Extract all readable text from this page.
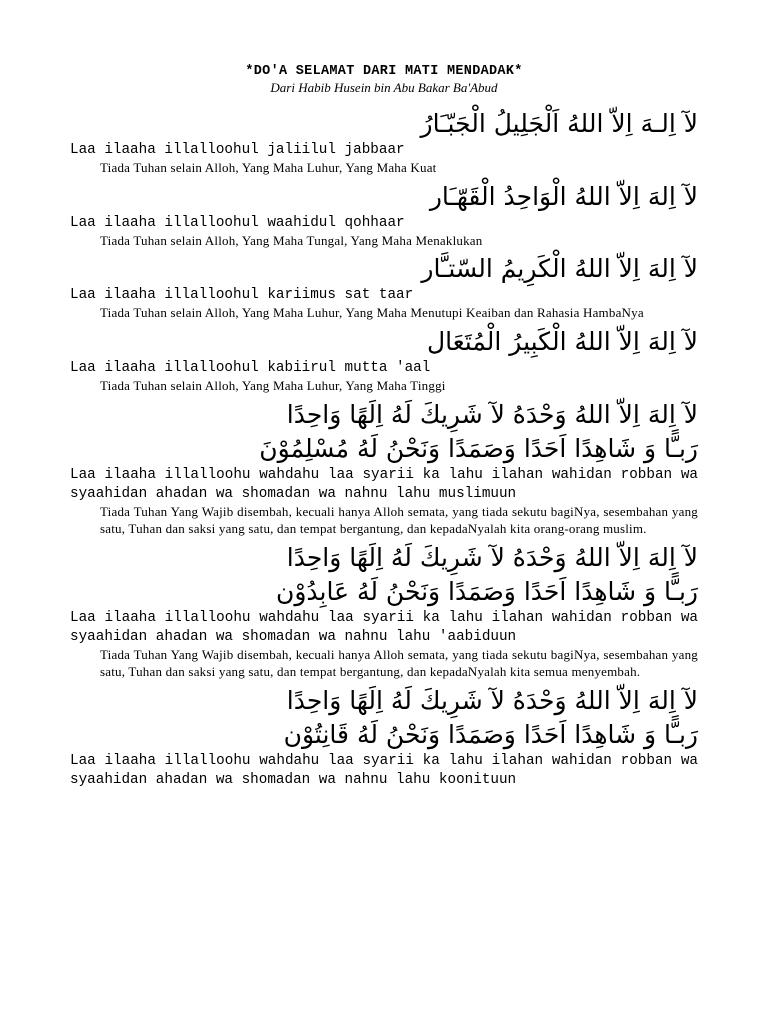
*DO'A SELAMAT DARI MATI MENDADAK*

Dari Habib Husein bin Abu Bakar Ba'Abud

لآ اِلـهَ اِلاّ اللهُ اَلْجَلِيلُ الْجَبّـَارُ

Laa ilaaha illalloohul jaliilul jabbaar

Tiada Tuhan selain Alloh, Yang Maha Luhur, Yang Maha Kuat

لآ اِلهَ اِلاّ اللهُ الْوَاحِدُ الْقَهّـَار

Laa ilaaha illalloohul waahidul qohhaar

Tiada Tuhan selain Alloh, Yang Maha Tungal, Yang Maha Menaklukan

لآ اِلهَ اِلاّ اللهُ الْكَرِيمُ السّتـَّار

Laa ilaaha illalloohul kariimus sat taar

Tiada Tuhan selain Alloh, Yang Maha Luhur, Yang Maha Menutupi Keaiban dan Rahasia HambaNya

لآ اِلهَ اِلاّ اللهُ الْكَبِيرُ الْمُتَعَال

Laa ilaaha illalloohul kabiirul mutta 'aal

Tiada Tuhan selain Alloh, Yang Maha Luhur, Yang Maha Tinggi

لآ اِلهَ اِلاّ اللهُ وَحْدَهُ لآ شَرِيكَ لَهُ اِلَهًا وَاحِدًا

رَبـًّا وَ شَاهِدًا اَحَدًا وَصَمَدًا وَنَحْنُ لَهُ مُسْلِمُوْنَ

Laa ilaaha illalloohu wahdahu laa syarii ka lahu ilahan wahidan robban wa syaahidan ahadan wa shomadan wa nahnu lahu muslimuun

Tiada Tuhan Yang Wajib disembah, kecuali hanya Alloh semata, yang tiada sekutu bagiNya, sesembahan yang satu, Tuhan dan saksi yang satu, dan tempat bergantung, dan kepadaNyalah kita orang-orang muslim.

لآ اِلهَ اِلاّ اللهُ وَحْدَهُ لآ شَرِيكَ لَهُ اِلَهًا وَاحِدًا

رَبـًّا وَ شَاهِدًا اَحَدًا وَصَمَدًا وَنَحْنُ لَهُ عَابِدُوْن

Laa ilaaha illalloohu wahdahu laa syarii ka lahu ilahan wahidan robban wa syaahidan ahadan wa shomadan wa nahnu lahu 'aabiduun

Tiada Tuhan Yang Wajib disembah, kecuali hanya Alloh semata, yang tiada sekutu bagiNya, sesembahan yang satu, Tuhan dan saksi yang satu, dan tempat bergantung, dan kepadaNyalah kita semua menyembah.

لآ اِلهَ اِلاّ اللهُ وَحْدَهُ لآ شَرِيكَ لَهُ اِلَهًا وَاحِدًا

رَبـًّا وَ شَاهِدًا اَحَدًا وَصَمَدًا وَنَحْنُ لَهُ قَانِتُوْن

Laa ilaaha illalloohu wahdahu laa syarii ka lahu ilahan wahidan robban wa syaahidan ahadan wa shomadan wa nahnu lahu koonituun
